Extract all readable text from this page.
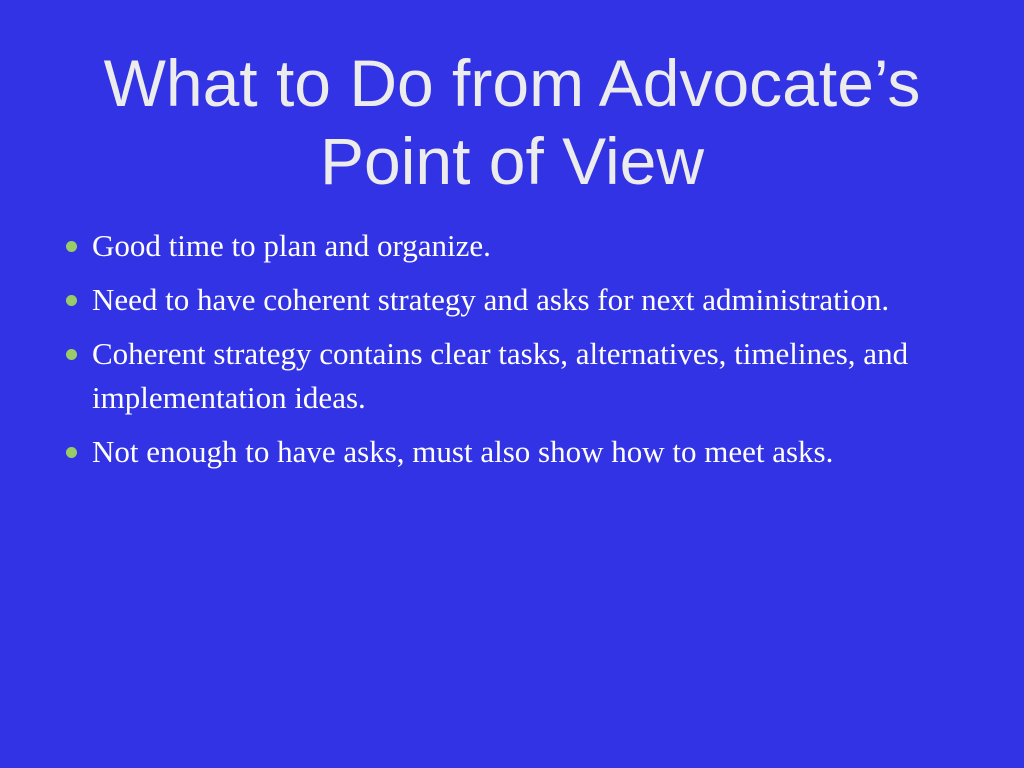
What to Do from Advocate’s
Point of View
Good time to plan and organize.
Need to have coherent strategy and asks for next administration.
Coherent strategy contains clear tasks, alternatives, timelines, and implementation ideas.
Not enough to have asks, must also show how to meet asks.
